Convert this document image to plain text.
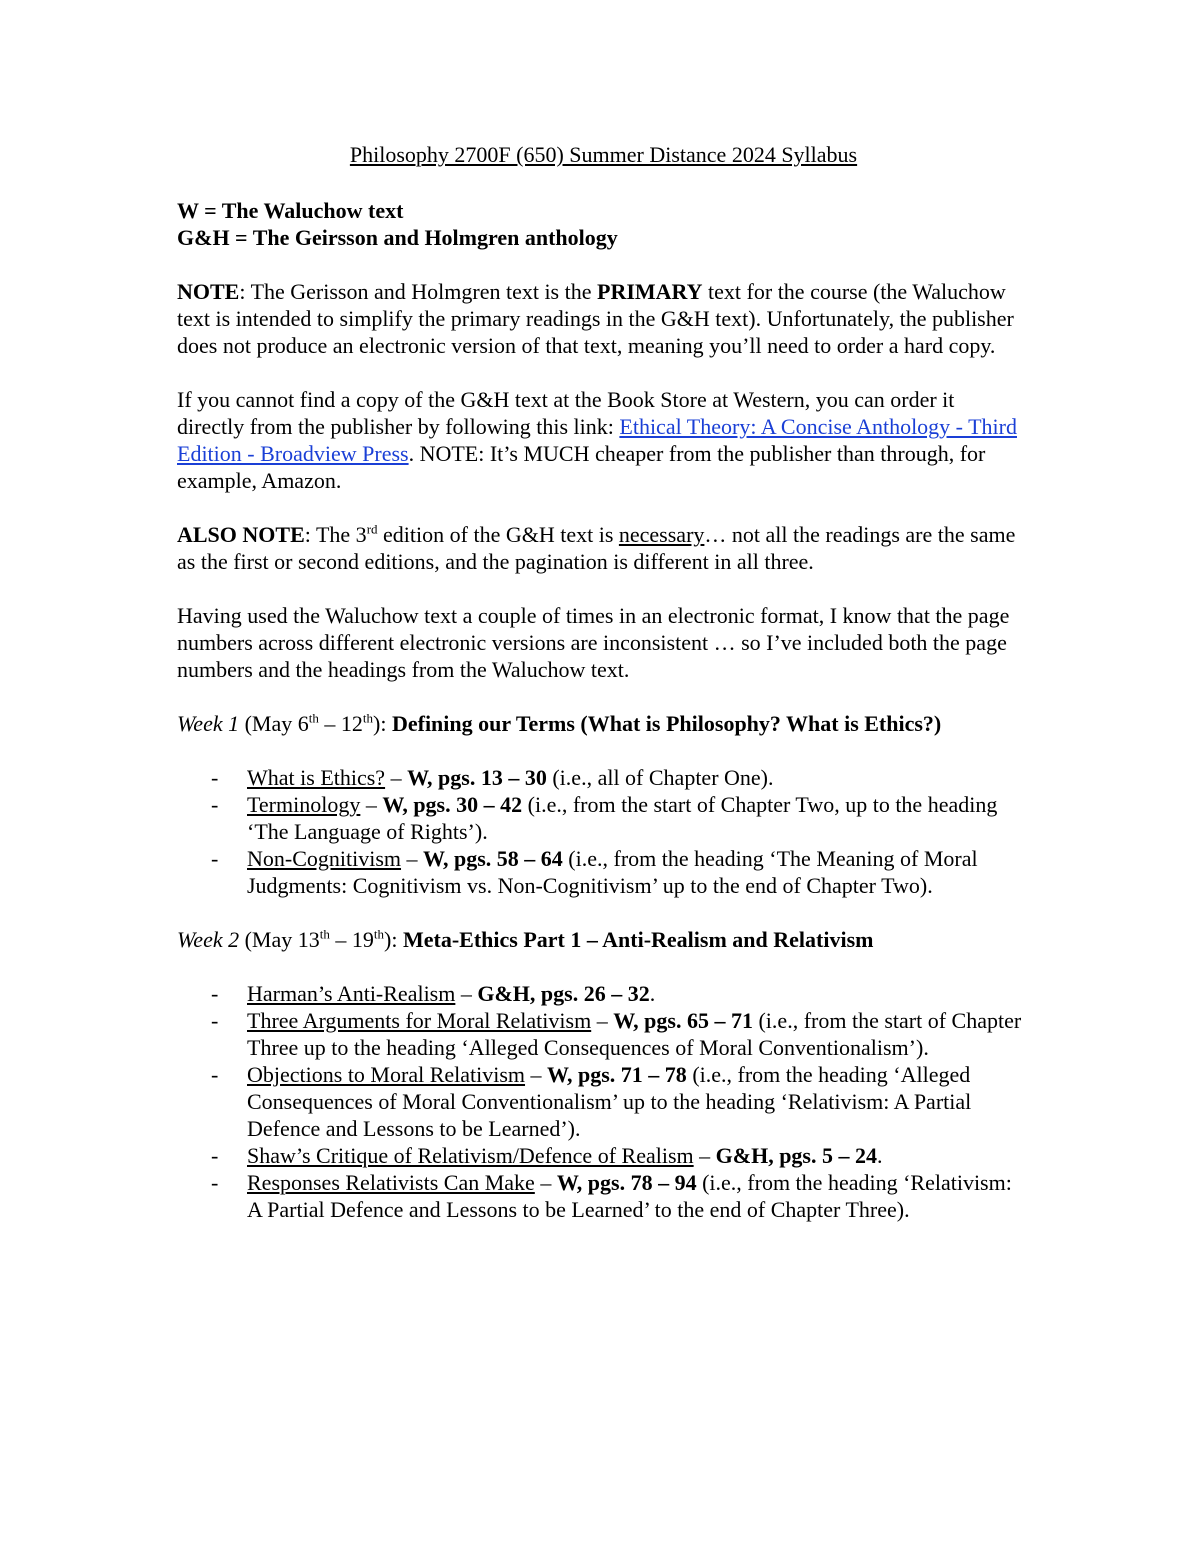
Philosophy 2700F (650) Summer Distance 2024 Syllabus
W = The Waluchow text
G&H = The Geirsson and Holmgren anthology

NOTE: The Gerisson and Holmgren text is the PRIMARY text for the course (the Waluchow text is intended to simplify the primary readings in the G&H text). Unfortunately, the publisher does not produce an electronic version of that text, meaning you’ll need to order a hard copy.

If you cannot find a copy of the G&H text at the Book Store at Western, you can order it directly from the publisher by following this link: Ethical Theory: A Concise Anthology - Third Edition - Broadview Press. NOTE: It’s MUCH cheaper from the publisher than through, for example, Amazon.

ALSO NOTE: The 3rd edition of the G&H text is necessary… not all the readings are the same as the first or second editions, and the pagination is different in all three.

Having used the Waluchow text a couple of times in an electronic format, I know that the page numbers across different electronic versions are inconsistent … so I’ve included both the page numbers and the headings from the Waluchow text.

Week 1 (May 6th – 12th): Defining our Terms (What is Philosophy? What is Ethics?)
- What is Ethics? – W, pgs. 13 – 30 (i.e., all of Chapter One).
- Terminology – W, pgs. 30 – 42 (i.e., from the start of Chapter Two, up to the heading ‘The Language of Rights’).
- Non-Cognitivism – W, pgs. 58 – 64 (i.e., from the heading ‘The Meaning of Moral Judgments: Cognitivism vs. Non-Cognitivism’ up to the end of Chapter Two).
Week 2 (May 13th – 19th): Meta-Ethics Part 1 – Anti-Realism and Relativism
- Harman’s Anti-Realism – G&H, pgs. 26 – 32.
- Three Arguments for Moral Relativism – W, pgs. 65 – 71 (i.e., from the start of Chapter Three up to the heading ‘Alleged Consequences of Moral Conventionalism’).
- Objections to Moral Relativism – W, pgs. 71 – 78 (i.e., from the heading ‘Alleged Consequences of Moral Conventionalism’ up to the heading ‘Relativism: A Partial Defence and Lessons to be Learned’).
- Shaw’s Critique of Relativism/Defence of Realism – G&H, pgs. 5 – 24.
- Responses Relativists Can Make – W, pgs. 78 – 94 (i.e., from the heading ‘Relativism: A Partial Defence and Lessons to be Learned’ to the end of Chapter Three).
